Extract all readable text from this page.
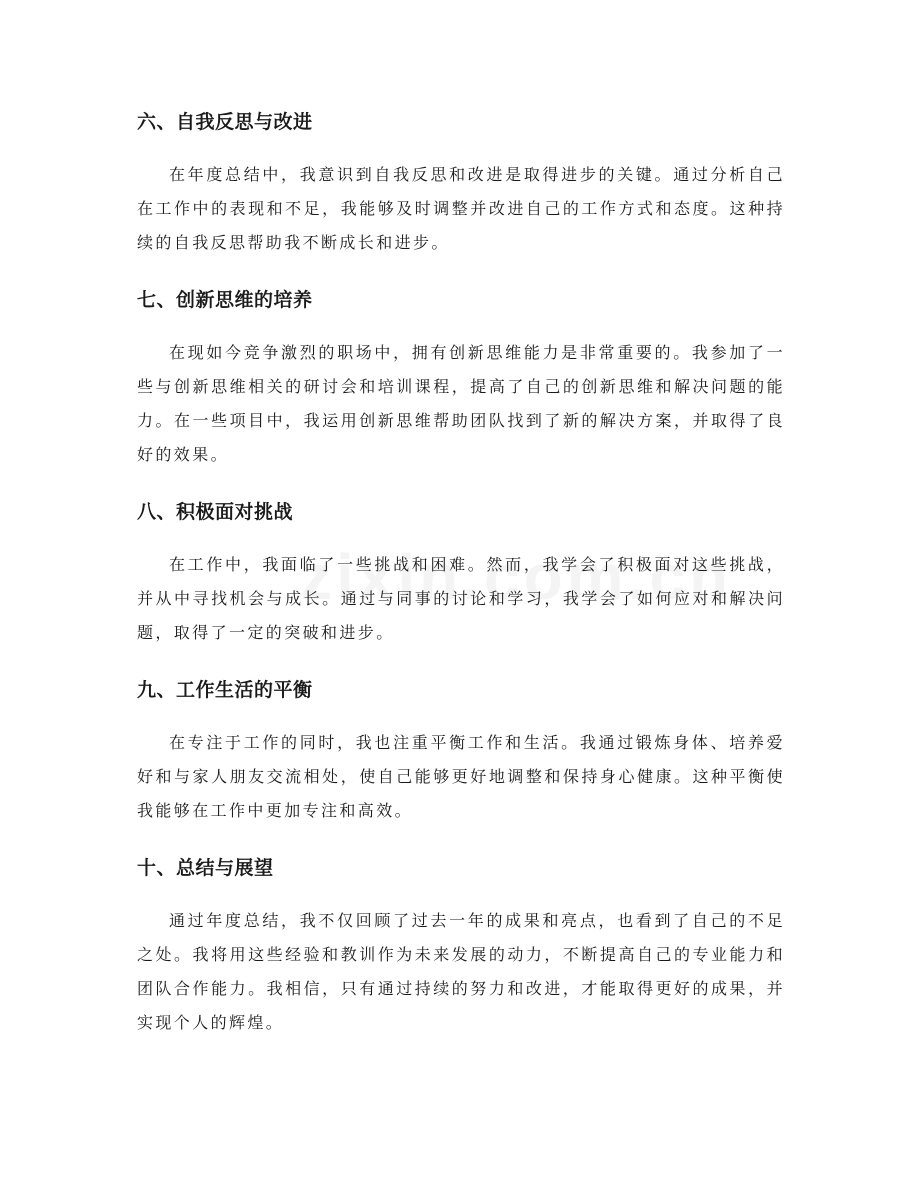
六、自我反思与改进

在年度总结中，我意识到自我反思和改进是取得进步的关键。通过分析自己在工作中的表现和不足，我能够及时调整并改进自己的工作方式和态度。这种持续的自我反思帮助我不断成长和进步。

七、创新思维的培养

在现如今竞争激烈的职场中，拥有创新思维能力是非常重要的。我参加了一些与创新思维相关的研讨会和培训课程，提高了自己的创新思维和解决问题的能力。在一些项目中，我运用创新思维帮助团队找到了新的解决方案，并取得了良好的效果。

八、积极面对挑战

在工作中，我面临了一些挑战和困难。然而，我学会了积极面对这些挑战，并从中寻找机会与成长。通过与同事的讨论和学习，我学会了如何应对和解决问题，取得了一定的突破和进步。

九、工作生活的平衡

在专注于工作的同时，我也注重平衡工作和生活。我通过锻炼身体、培养爱好和与家人朋友交流相处，使自己能够更好地调整和保持身心健康。这种平衡使我能够在工作中更加专注和高效。

十、总结与展望

通过年度总结，我不仅回顾了过去一年的成果和亮点，也看到了自己的不足之处。我将用这些经验和教训作为未来发展的动力，不断提高自己的专业能力和团队合作能力。我相信，只有通过持续的努力和改进，才能取得更好的成果，并实现个人的辉煌。
